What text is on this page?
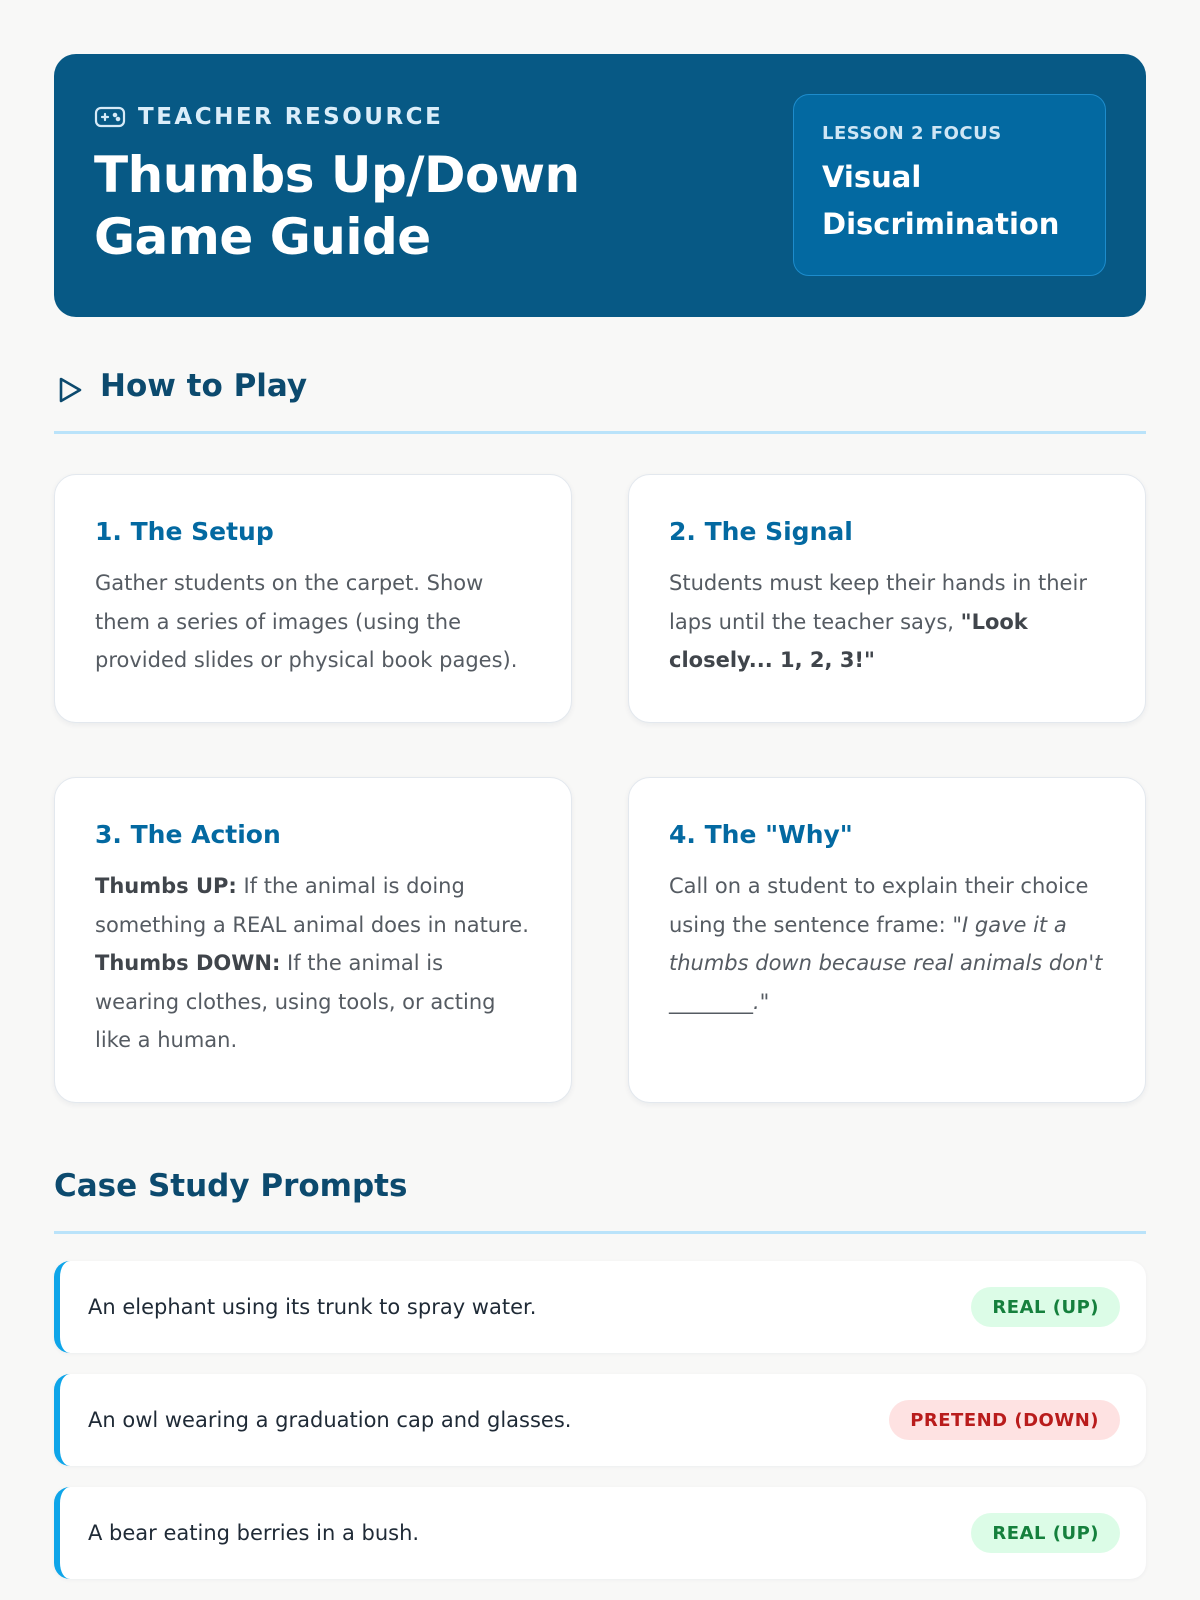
TEACHER RESOURCE
Thumbs Up/Down Game Guide
LESSON 2 FOCUS
Visual Discrimination
How to Play
1. The Setup
Gather students on the carpet. Show them a series of images (using the provided slides or physical book pages).
2. The Signal
Students must keep their hands in their laps until the teacher says, "Look closely... 1, 2, 3!"
3. The Action
Thumbs UP: If the animal is doing something a REAL animal does in nature.
Thumbs DOWN: If the animal is wearing clothes, using tools, or acting like a human.
4. The "Why"
Call on a student to explain their choice using the sentence frame: "I gave it a thumbs down because real animals don't ________."
Case Study Prompts
An elephant using its trunk to spray water.	REAL (UP)
An owl wearing a graduation cap and glasses.	PRETEND (DOWN)
A bear eating berries in a bush.	REAL (UP)
